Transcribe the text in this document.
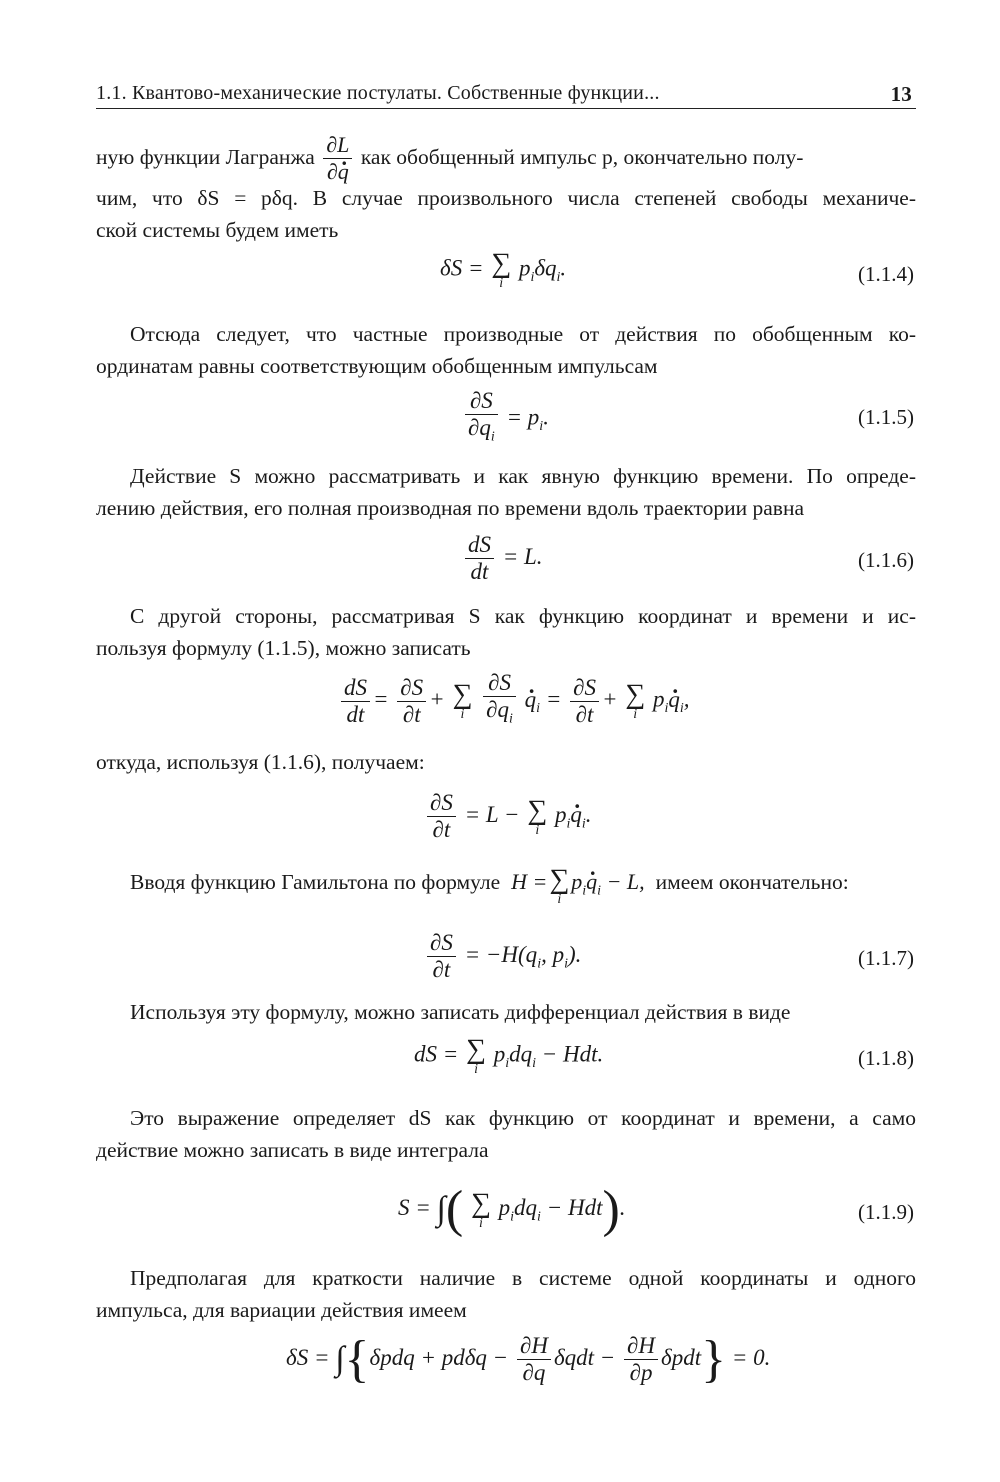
1.1. Квантово-механические постулаты. Собственные функции...	13
ную функции Лагранжа $\frac{\partial L}{\partial q}$ . как обобщенный импульс p, окончательно полу-
чим, что δS = pδq. В случае произвольного числа степеней свободы механиче-
ской системы будем иметь
δS = ∑
i
$p_i\delta q_i$.	(1.1.4)
Отсюда следует, что частные производные от действия по обобщенным ко-
ординатам равны соответствующим обобщенным импульсам
$\frac{\partial S}{\partial q_i} = p_i$.	(1.1.5)
Действие S можно рассматривать и как явную функцию времени. По опреде-
лению действия, его полная производная по времени вдоль траектории равна
$\frac{dS}{dt} = L$.	(1.1.6)
С другой стороны, рассматривая S как функцию координат и времени и ис-
пользуя формулу (1.1.5), можно записать
$\frac{dS}{dt} = \frac{\partial S}{\partial t}$ + ∑
i
$\frac{\partial S}{\partial q_i}$ q $._i = \frac{\partial S}{\partial t}$ + ∑
i
$p_iq$ $._i$,
откуда, используя (1.1.6), получаем:
$\frac{\partial S}{\partial t} = L$ − ∑
i
$p_iq$ $._i$.
Вводя функцию Гамильтона по формуле  H = ∑
i
$p_iq$ $._i - L$,  имеем окончательно:
$\frac{\partial S}{\partial t} = -H(q_i$, $p_i$).	(1.1.7)
Используя эту формулу, можно записать дифференциал действия в виде
dS = ∑
i
$p_idq_i$ − Hdt.	(1.1.8)
Это выражение определяет dS как функцию от координат и времени, а само
действие можно записать в виде интеграла
S = ∫( ∑
i
$p_idq_i - Hdt$).	(1.1.9)
Предполагая для краткости наличие в системе одной координаты и одного
импульса, для вариации действия имеем
$\delta S = \int\{\delta pdq + pd\delta q - \frac{\partial H}{\partial q}$ $\delta qdt - \frac{\partial H}{\partial p} \delta pdt\} = 0$.
